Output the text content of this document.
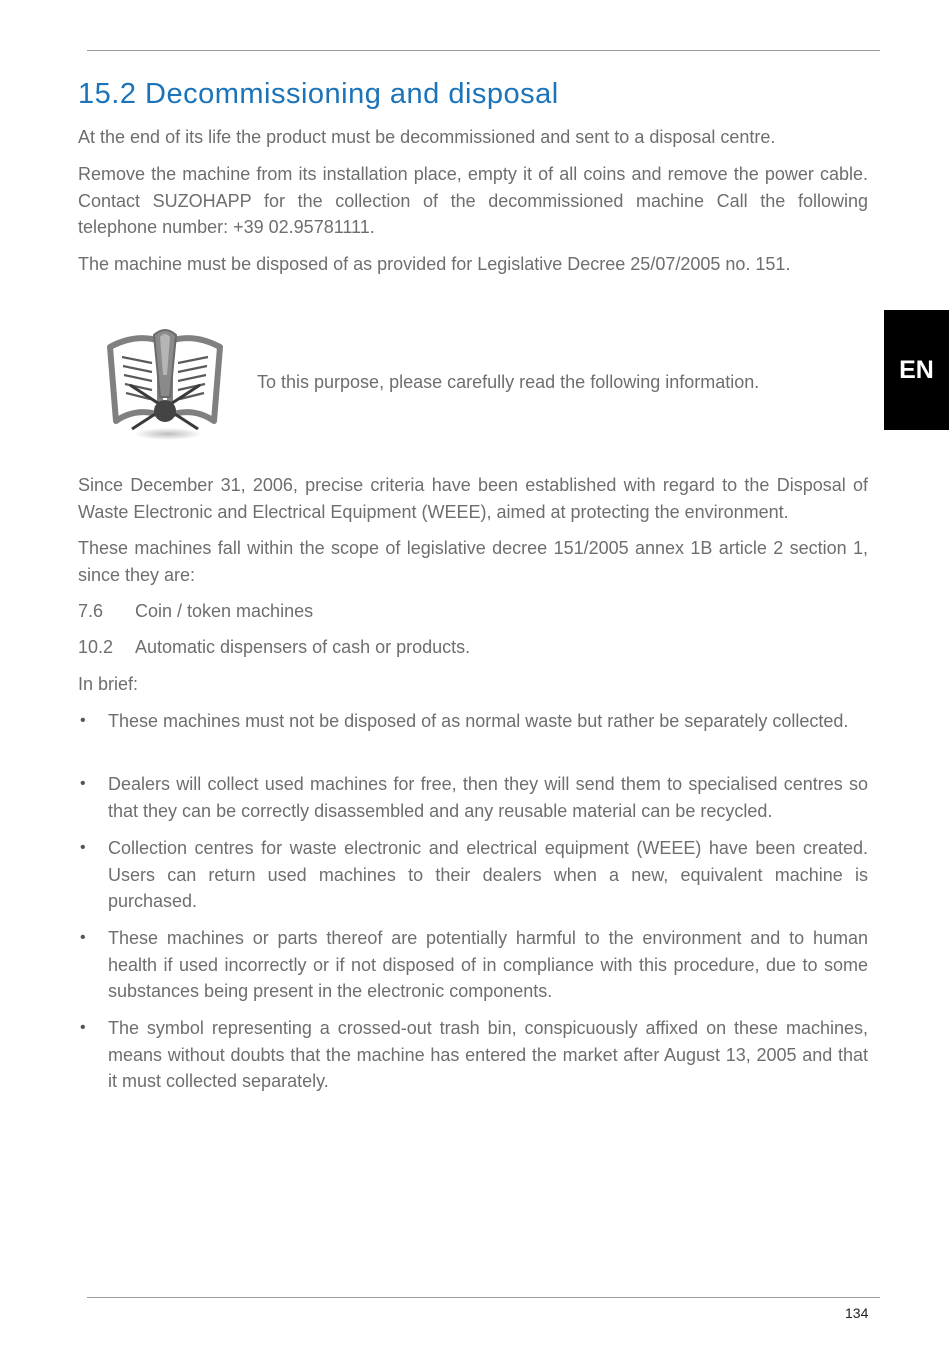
15.2 Decommissioning and disposal

At the end of its life the product must be decommissioned and sent to a disposal centre.

Remove the machine from its installation place, empty it of all coins and remove the power cable. Contact SUZOHAPP for the collection of the decommissioned machine Call the following telephone number: +39 02.95781111.

The machine must be disposed of as provided for Legislative Decree 25/07/2005 no. 151.

To this purpose, please carefully read the following information.	EN

Since December 31, 2006, precise criteria have been established with regard to the Disposal of Waste Electronic and Electrical Equipment (WEEE), aimed at protecting the environment.

These machines fall within the scope of legislative decree 151/2005 annex 1B article 2 section 1, since they are:

7.6 Coin / token machines
10.2 Automatic dispensers of cash or products.
In brief:
• These machines must not be disposed of as normal waste but rather be separately collected.
• Dealers will collect used machines for free, then they will send them to specialised centres so that they can be correctly disassembled and any reusable material can be recycled.
• Collection centres for waste electronic and electrical equipment (WEEE) have been created. Users can return used machines to their dealers when a new, equivalent machine is purchased.
• These machines or parts thereof are potentially harmful to the environment and to human health if used incorrectly or if not disposed of in compliance with this procedure, due to some substances being present in the electronic components.
• The symbol representing a crossed-out trash bin, conspicuously affixed on these machines, means without doubts that the machine has entered the market after August 13, 2005 and that it must collected separately.
134
